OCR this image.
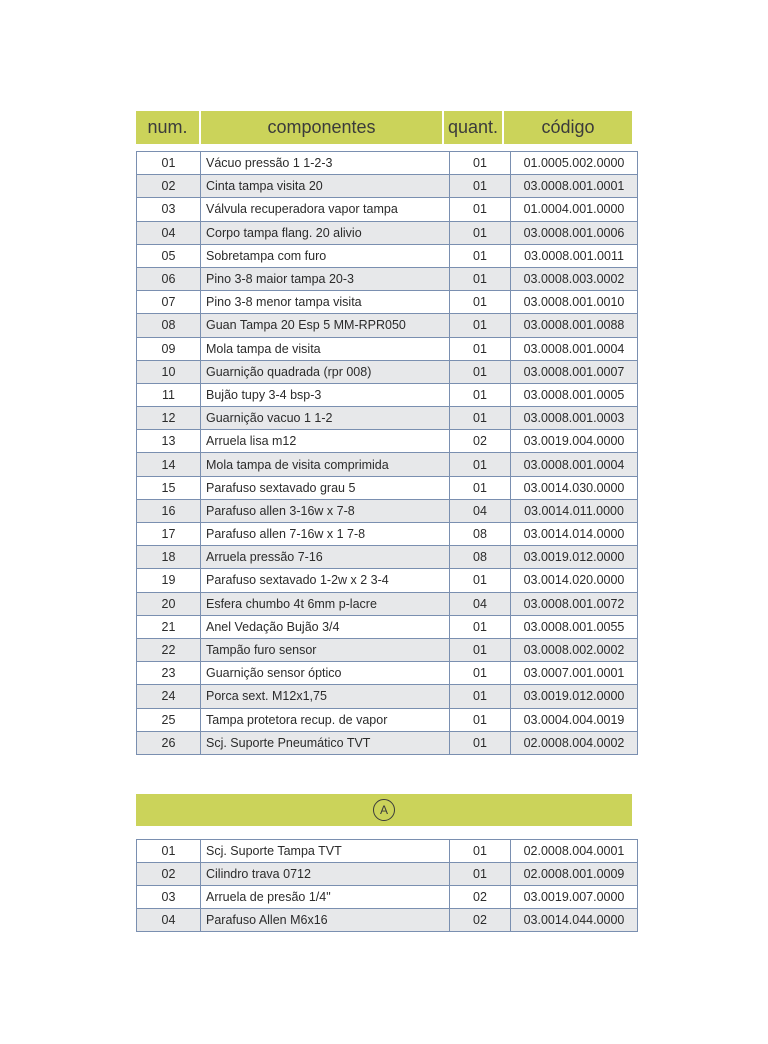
num.	componentes	quant.	código
01	Vácuo pressão 1 1-2-3	01	01.0005.002.0000
02	Cinta tampa visita 20	01	03.0008.001.0001
03	Válvula recuperadora vapor tampa	01	01.0004.001.0000
04	Corpo tampa flang. 20 alivio	01	03.0008.001.0006
05	Sobretampa com furo	01	03.0008.001.0011
06	Pino 3-8 maior tampa 20-3	01	03.0008.003.0002
07	Pino 3-8 menor tampa visita	01	03.0008.001.0010
08	Guan Tampa 20 Esp 5 MM-RPR050	01	03.0008.001.0088
09	Mola tampa de visita	01	03.0008.001.0004
10	Guarnição quadrada (rpr 008)	01	03.0008.001.0007
11	Bujão tupy 3-4 bsp-3	01	03.0008.001.0005
12	Guarnição vacuo 1 1-2	01	03.0008.001.0003
13	Arruela lisa m12	02	03.0019.004.0000
14	Mola tampa de visita comprimida	01	03.0008.001.0004
15	Parafuso sextavado grau 5	01	03.0014.030.0000
16	Parafuso allen 3-16w x 7-8	04	03.0014.011.0000
17	Parafuso allen 7-16w x 1 7-8	08	03.0014.014.0000
18	Arruela pressão 7-16	08	03.0019.012.0000
19	Parafuso sextavado 1-2w x 2 3-4	01	03.0014.020.0000
20	Esfera chumbo 4t 6mm p-lacre	04	03.0008.001.0072
21	Anel Vedação Bujão 3/4	01	03.0008.001.0055
22	Tampão furo sensor	01	03.0008.002.0002
23	Guarnição sensor óptico	01	03.0007.001.0001
24	Porca sext. M12x1,75	01	03.0019.012.0000
25	Tampa protetora recup. de vapor	01	03.0004.004.0019
26	Scj. Suporte Pneumático TVT	01	02.0008.004.0002
A
01	Scj. Suporte Tampa TVT	01	02.0008.004.0001
02	Cilindro trava 0712	01	02.0008.001.0009
03	Arruela de presão 1/4"	02	03.0019.007.0000
04	Parafuso Allen M6x16	02	03.0014.044.0000
